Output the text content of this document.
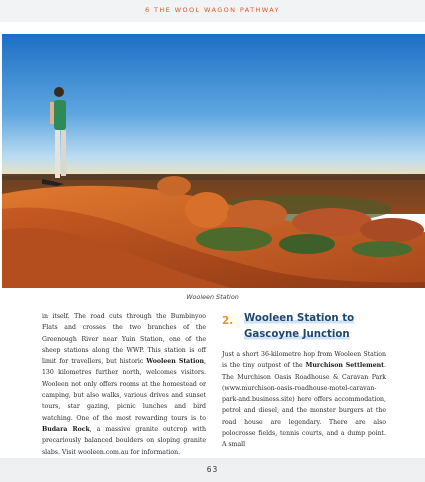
6 THE WOOL WAGON PATHWAY
Wooleen Station
in itself. The road cuts through the Bumbinyoo Flats and crosses the two branches of the Greenough River near Yuin Station, one of the sheep stations along the WWP. This station is off limit for travellers, but historic Wooleen Station, 130 kilometres further north, welcomes visitors. Wooleen not only offers rooms at the homestead or camping, but also walks, various drives and sunset tours, star gazing, picnic lunches and bird watching. One of the most rewarding tours is to Budara Rock, a massive granite outcrop with precariously balanced boulders on sloping granite slabs. Visit wooleen.com.au for information.
2.	Wooleen Station to
Gascoyne Junction
Just a short 36-kilometre hop from Wooleen Station is the tiny outpost of the Murchison Settlement. The Murchison Oasis Roadhouse & Caravan Park (www.murchison-oasis-roadhouse-motel-caravan-park-and.business.site) here offers accommodation, petrol and diesel, and the monster burgers at the road house are legendary. There are also polocrosse fields, tennis courts, and a dump point. A small
63
